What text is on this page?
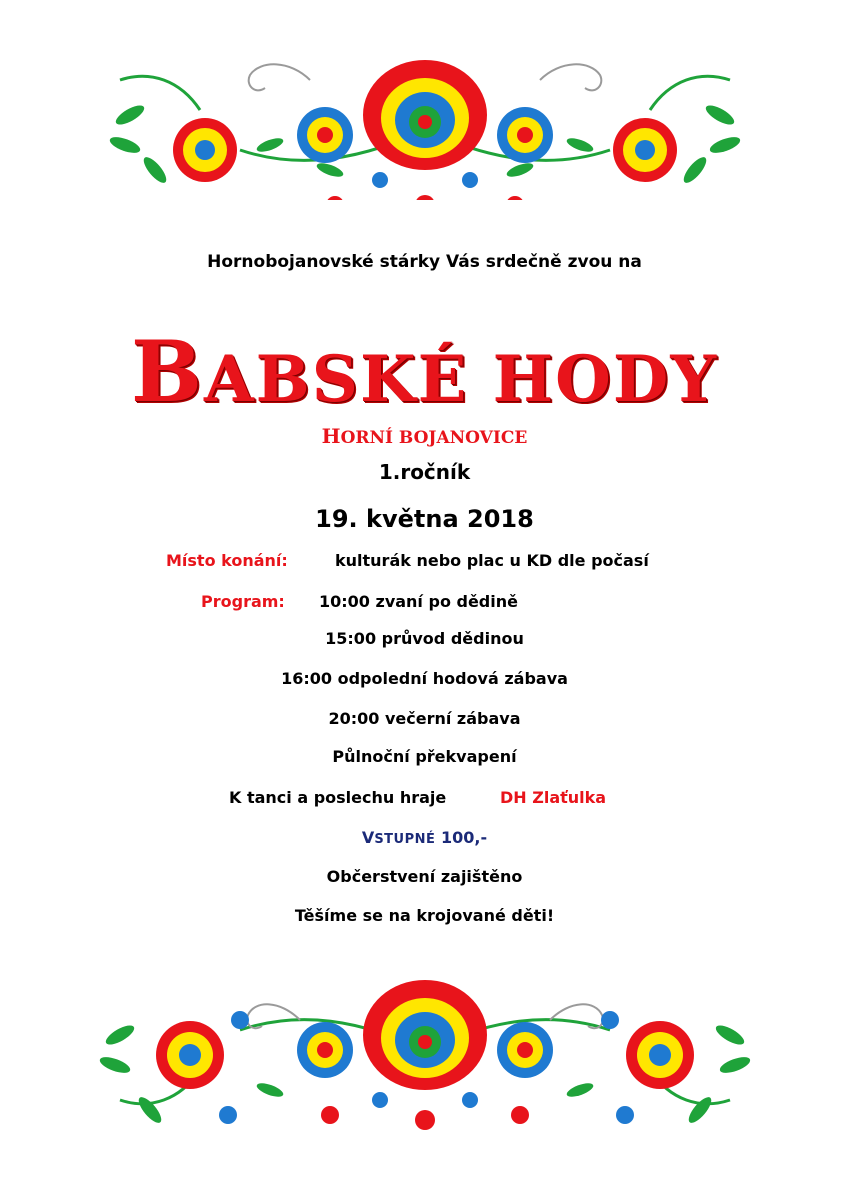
Hornobojanovské stárky Vás srdečně zvou na
BABSKÉ HODY
HORNÍ BOJANOVICE
1.ročník
19. května 2018
Místo konání:	kulturák nebo plac u KD dle počasí
Program: 10:00 zvaní po dědině
15:00 průvod dědinou
16:00 odpolední hodová zábava
20:00 večerní zábava
Půlnoční překvapení
K tanci a poslechu hraje	DH Zlaťulka
VSTUPNÉ 100,-
Občerstvení zajištěno
Těšíme se na krojované děti!
